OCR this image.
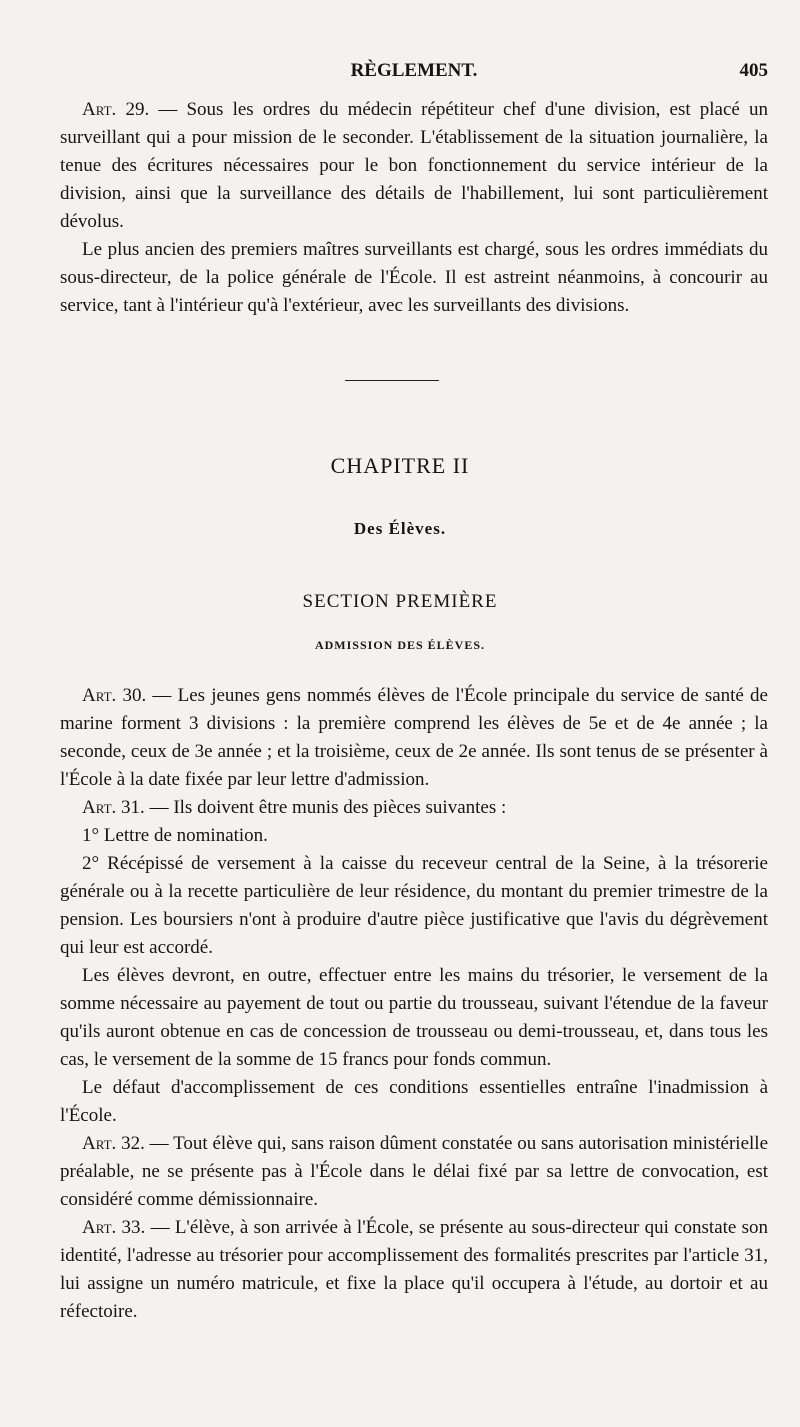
RÈGLEMENT.	405

Art. 29. — Sous les ordres du médecin répétiteur chef d'une division, est placé un surveillant qui a pour mission de le seconder. L'établissement de la situation journalière, la tenue des écritures nécessaires pour le bon fonctionnement du service intérieur de la division, ainsi que la surveillance des détails de l'habillement, lui sont particulièrement dévolus.

Le plus ancien des premiers maîtres surveillants est chargé, sous les ordres immédiats du sous-directeur, de la police générale de l'École. Il est astreint néanmoins, à concourir au service, tant à l'intérieur qu'à l'extérieur, avec les surveillants des divisions.

CHAPITRE II
Des Élèves.
SECTION PREMIÈRE
ADMISSION DES ÉLÈVES.

Art. 30. — Les jeunes gens nommés élèves de l'École principale du service de santé de marine forment 3 divisions : la première comprend les élèves de 5e et de 4e année ; la seconde, ceux de 3e année ; et la troisième, ceux de 2e année. Ils sont tenus de se présenter à l'École à la date fixée par leur lettre d'admission.

Art. 31. — Ils doivent être munis des pièces suivantes :

1° Lettre de nomination.

2° Récépissé de versement à la caisse du receveur central de la Seine, à la trésorerie générale ou à la recette particulière de leur résidence, du montant du premier trimestre de la pension. Les boursiers n'ont à produire d'autre pièce justificative que l'avis du dégrèvement qui leur est accordé.

Les élèves devront, en outre, effectuer entre les mains du trésorier, le versement de la somme nécessaire au payement de tout ou partie du trousseau, suivant l'étendue de la faveur qu'ils auront obtenue en cas de concession de trousseau ou demi-trousseau, et, dans tous les cas, le versement de la somme de 15 francs pour fonds commun.

Le défaut d'accomplissement de ces conditions essentielles entraîne l'inadmission à l'École.

Art. 32. — Tout élève qui, sans raison dûment constatée ou sans autorisation ministérielle préalable, ne se présente pas à l'École dans le délai fixé par sa lettre de convocation, est considéré comme démissionnaire.

Art. 33. — L'élève, à son arrivée à l'École, se présente au sous-directeur qui constate son identité, l'adresse au trésorier pour accomplissement des formalités prescrites par l'article 31, lui assigne un numéro matricule, et fixe la place qu'il occupera à l'étude, au dortoir et au réfectoire.
